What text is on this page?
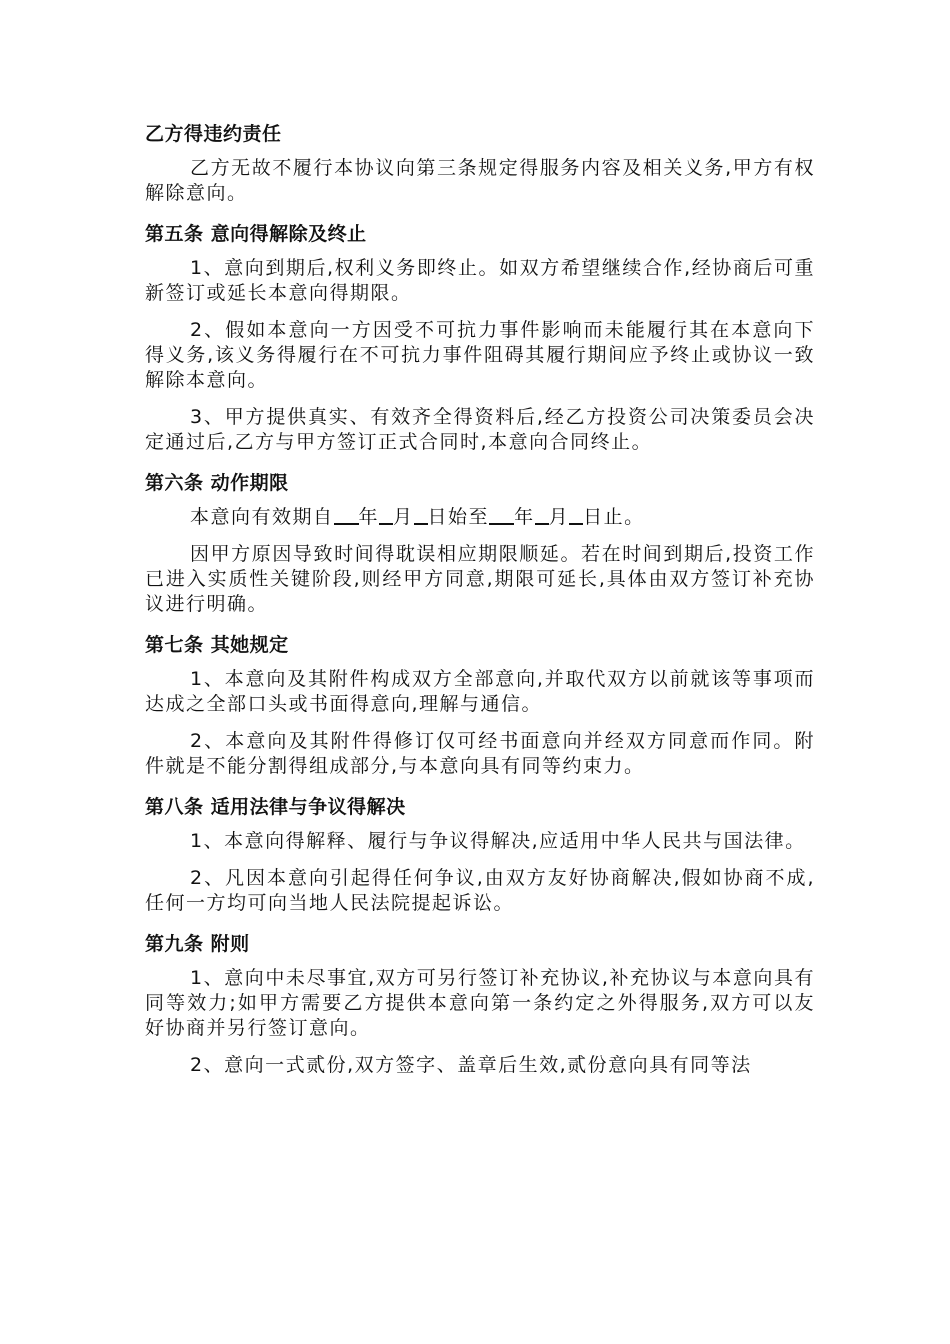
乙方得违约责任

乙方无故不履行本协议向第三条规定得服务内容及相关义务,甲方有权解除意向。

第五条 意向得解除及终止

1、意向到期后,权利义务即终止。如双方希望继续合作,经协商后可重新签订或延长本意向得期限。

2、假如本意向一方因受不可抗力事件影响而未能履行其在本意向下得义务,该义务得履行在不可抗力事件阻碍其履行期间应予终止或协议一致解除本意向。

3、甲方提供真实、有效齐全得资料后,经乙方投资公司决策委员会决定通过后,乙方与甲方签订正式合同时,本意向合同终止。

第六条 动作期限

本意向有效期自 年 月 日始至 年 月 日止。

因甲方原因导致时间得耽误相应期限顺延。若在时间到期后,投资工作已进入实质性关键阶段,则经甲方同意,期限可延长,具体由双方签订补充协议进行明确。

第七条 其她规定

1、本意向及其附件构成双方全部意向,并取代双方以前就该等事项而达成之全部口头或书面得意向,理解与通信。

2、本意向及其附件得修订仅可经书面意向并经双方同意而作同。附件就是不能分割得组成部分,与本意向具有同等约束力。

第八条 适用法律与争议得解决

1、本意向得解释、履行与争议得解决,应适用中华人民共与国法律。

2、凡因本意向引起得任何争议,由双方友好协商解决,假如协商不成,任何一方均可向当地人民法院提起诉讼。

第九条 附则

1、意向中未尽事宜,双方可另行签订补充协议,补充协议与本意向具有同等效力;如甲方需要乙方提供本意向第一条约定之外得服务,双方可以友好协商并另行签订意向。

2、意向一式贰份,双方签字、盖章后生效,贰份意向具有同等法
